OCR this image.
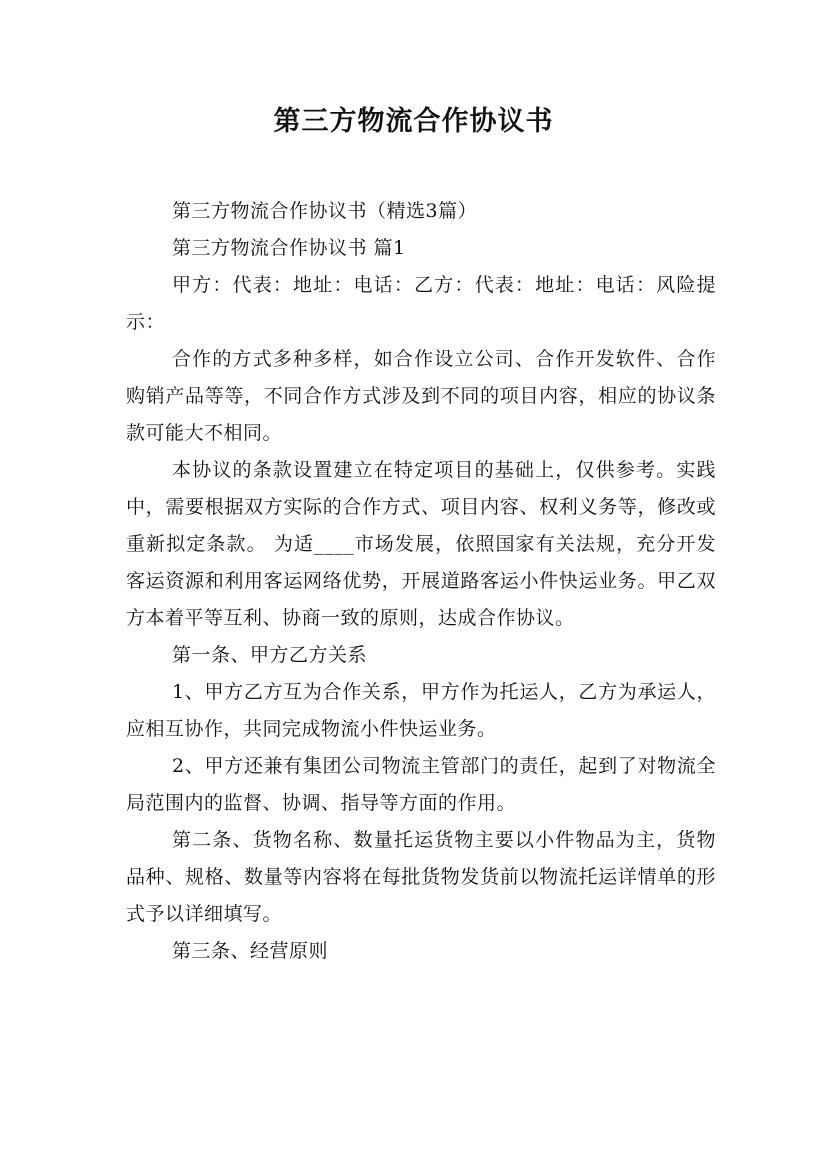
第三方物流合作协议书

第三方物流合作协议书（精选3篇）

第三方物流合作协议书 篇1

甲方：代表：地址：电话：乙方：代表：地址：电话：风险提示：

合作的方式多种多样，如合作设立公司、合作开发软件、合作购销产品等等，不同合作方式涉及到不同的项目内容，相应的协议条款可能大不相同。

本协议的条款设置建立在特定项目的基础上，仅供参考。实践中，需要根据双方实际的合作方式、项目内容、权利义务等，修改或重新拟定条款。 为适____市场发展，依照国家有关法规，充分开发客运资源和利用客运网络优势，开展道路客运小件快运业务。甲乙双方本着平等互利、协商一致的原则，达成合作协议。

第一条、甲方乙方关系

1、甲方乙方互为合作关系，甲方作为托运人，乙方为承运人，应相互协作，共同完成物流小件快运业务。

2、甲方还兼有集团公司物流主管部门的责任，起到了对物流全局范围内的监督、协调、指导等方面的作用。

第二条、货物名称、数量托运货物主要以小件物品为主，货物品种、规格、数量等内容将在每批货物发货前以物流托运详情单的形式予以详细填写。

第三条、经营原则
